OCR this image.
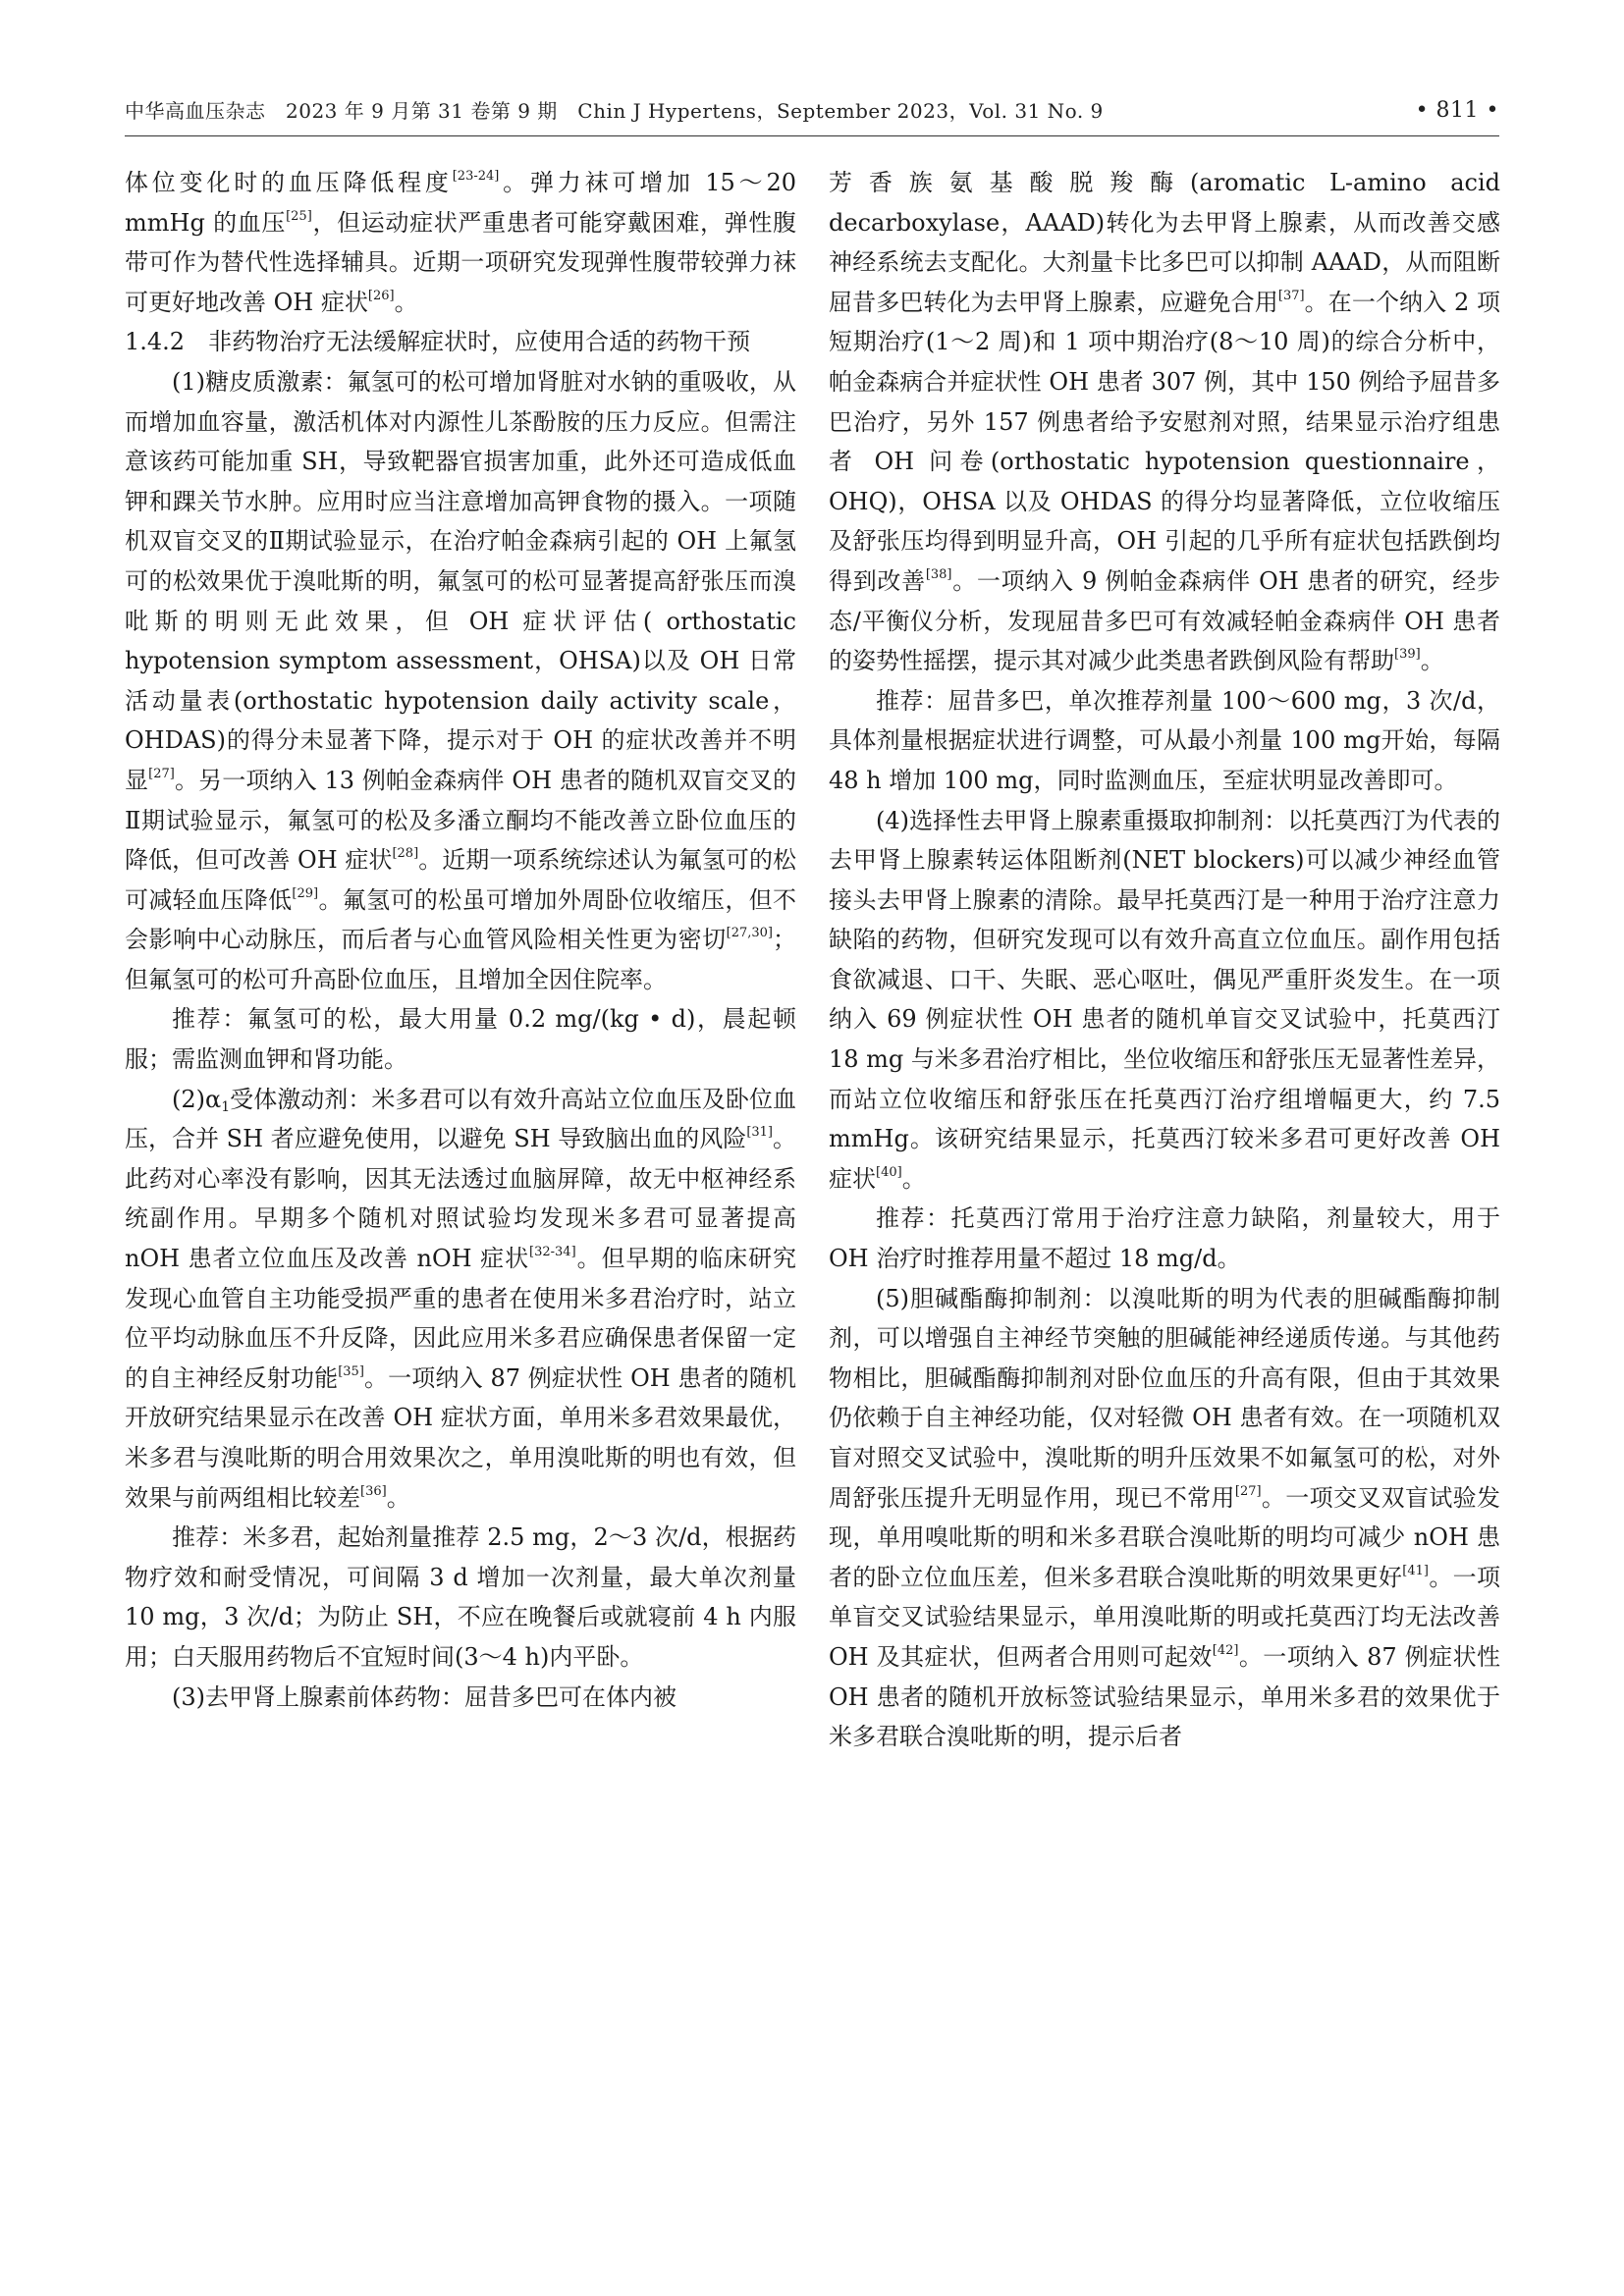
中华高血压杂志　2023 年 9 月第 31 卷第 9 期　Chin J Hypertens，September 2023，Vol. 31 No. 9	• 811 •

体位变化时的血压降低程度[23-24]。弹力袜可增加 15～20 mmHg 的血压[25]，但运动症状严重患者可能穿戴困难，弹性腹带可作为替代性选择辅具。近期一项研究发现弹性腹带较弹力袜可更好地改善 OH 症状[26]。

1.4.2　非药物治疗无法缓解症状时，应使用合适的药物干预

(1)糖皮质激素：氟氢可的松可增加肾脏对水钠的重吸收，从而增加血容量，激活机体对内源性儿茶酚胺的压力反应。但需注意该药可能加重 SH，导致靶器官损害加重，此外还可造成低血钾和踝关节水肿。应用时应当注意增加高钾食物的摄入。一项随机双盲交叉的Ⅱ期试验显示，在治疗帕金森病引起的 OH 上氟氢可的松效果优于溴吡斯的明，氟氢可的松可显著提高舒张压而溴吡斯的明则无此效果，但 OH 症状评估( orthostatic hypotension symptom assessment，OHSA)以及 OH 日常活动量表(orthostatic hypotension daily activity scale，OHDAS)的得分未显著下降，提示对于 OH 的症状改善并不明显[27]。另一项纳入 13 例帕金森病伴 OH 患者的随机双盲交叉的Ⅱ期试验显示，氟氢可的松及多潘立酮均不能改善立卧位血压的降低，但可改善 OH 症状[28]。近期一项系统综述认为氟氢可的松可减轻血压降低[29]。氟氢可的松虽可增加外周卧位收缩压，但不会影响中心动脉压，而后者与心血管风险相关性更为密切[27,30]；但氟氢可的松可升高卧位血压，且增加全因住院率。

推荐：氟氢可的松，最大用量 0.2 mg/(kg • d)，晨起顿服；需监测血钾和肾功能。

$(2)\alpha_1$受体激动剂：米多君可以有效升高站立位血压及卧位血压，合并 SH 者应避免使用，以避免 SH 导致脑出血的风险[31]。此药对心率没有影响，因其无法透过血脑屏障，故无中枢神经系统副作用。早期多个随机对照试验均发现米多君可显著提高 nOH 患者立位血压及改善 nOH 症状[32-34]。但早期的临床研究发现心血管自主功能受损严重的患者在使用米多君治疗时，站立位平均动脉血压不升反降，因此应用米多君应确保患者保留一定的自主神经反射功能[35]。一项纳入 87 例症状性 OH 患者的随机开放研究结果显示在改善 OH 症状方面，单用米多君效果最优，米多君与溴吡斯的明合用效果次之，单用溴吡斯的明也有效，但效果与前两组相比较差[36]。

推荐：米多君，起始剂量推荐 2.5 mg，2～3 次/d，根据药物疗效和耐受情况，可间隔 3 d 增加一次剂量，最大单次剂量 10 mg，3 次/d；为防止 SH，不应在晚餐后或就寝前 4 h 内服用；白天服用药物后不宜短时间(3～4 h)内平卧。

(3)去甲肾上腺素前体药物：屈昔多巴可在体内被

芳香族氨基酸脱羧酶(aromatic L-amino acid decarboxylase，AAAD)转化为去甲肾上腺素，从而改善交感神经系统去支配化。大剂量卡比多巴可以抑制 AAAD，从而阻断屈昔多巴转化为去甲肾上腺素，应避免合用[37]。在一个纳入 2 项短期治疗(1～2 周)和 1 项中期治疗(8～10 周)的综合分析中，帕金森病合并症状性 OH 患者 307 例，其中 150 例给予屈昔多巴治疗，另外 157 例患者给予安慰剂对照，结果显示治疗组患者 OH 问卷(orthostatic hypotension questionnaire，OHQ)，OHSA 以及 OHDAS 的得分均显著降低，立位收缩压及舒张压均得到明显升高，OH 引起的几乎所有症状包括跌倒均得到改善[38]。一项纳入 9 例帕金森病伴 OH 患者的研究，经步态/平衡仪分析，发现屈昔多巴可有效减轻帕金森病伴 OH 患者的姿势性摇摆，提示其对减少此类患者跌倒风险有帮助[39]。

推荐：屈昔多巴，单次推荐剂量 100～600 mg，3 次/d，具体剂量根据症状进行调整，可从最小剂量 100 mg开始，每隔 48 h 增加 100 mg，同时监测血压，至症状明显改善即可。

(4)选择性去甲肾上腺素重摄取抑制剂：以托莫西汀为代表的去甲肾上腺素转运体阻断剂(NET blockers)可以减少神经血管接头去甲肾上腺素的清除。最早托莫西汀是一种用于治疗注意力缺陷的药物，但研究发现可以有效升高直立位血压。副作用包括食欲减退、口干、失眠、恶心呕吐，偶见严重肝炎发生。在一项纳入 69 例症状性 OH 患者的随机单盲交叉试验中，托莫西汀 18 mg 与米多君治疗相比，坐位收缩压和舒张压无显著性差异，而站立位收缩压和舒张压在托莫西汀治疗组增幅更大，约 7.5 mmHg。该研究结果显示，托莫西汀较米多君可更好改善 OH 症状[40]。

推荐：托莫西汀常用于治疗注意力缺陷，剂量较大，用于 OH 治疗时推荐用量不超过 18 mg/d。

(5)胆碱酯酶抑制剂：以溴吡斯的明为代表的胆碱酯酶抑制剂，可以增强自主神经节突触的胆碱能神经递质传递。与其他药物相比，胆碱酯酶抑制剂对卧位血压的升高有限，但由于其效果仍依赖于自主神经功能，仅对轻微 OH 患者有效。在一项随机双盲对照交叉试验中，溴吡斯的明升压效果不如氟氢可的松，对外周舒张压提升无明显作用，现已不常用[27]。一项交叉双盲试验发现，单用嗅吡斯的明和米多君联合溴吡斯的明均可减少 nOH 患者的卧立位血压差，但米多君联合溴吡斯的明效果更好[41]。一项单盲交叉试验结果显示，单用溴吡斯的明或托莫西汀均无法改善 OH 及其症状，但两者合用则可起效[42]。一项纳入 87 例症状性 OH 患者的随机开放标签试验结果显示，单用米多君的效果优于米多君联合溴吡斯的明，提示后者
